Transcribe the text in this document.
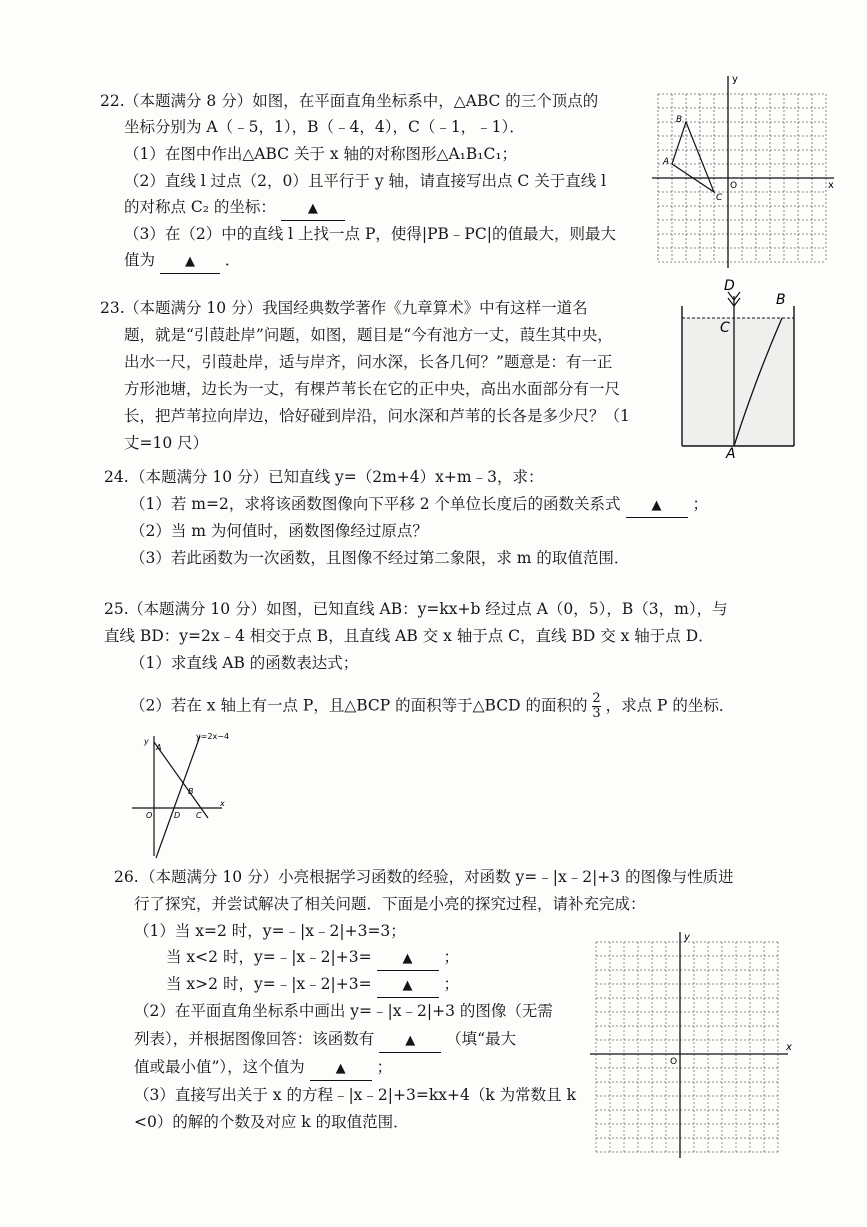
22. （本题满分 8 分）如图，在平面直角坐标系中，△ABC 的三个顶点的
坐标分别为 A（﹣5，1），B（﹣4，4），C（﹣1，﹣1）．
（1）在图中作出△ABC 关于 x 轴的对称图形△A₁B₁C₁；
（2）直线 l 过点（2，0）且平行于 y 轴，请直接写出点 C 关于直线 l
的对称点 C₂ 的坐标： ▲
（3）在（2）中的直线 l 上找一点 P，使得|PB﹣PC|的值最大，则最大
值为 ▲ ．
y
x
O
A
B
C
23. （本题满分 10 分）我国经典数学著作《九章算术》中有这样一道名
题，就是“引葭赴岸”问题，如图，题目是“今有池方一丈，葭生其中央，
出水一尺，引葭赴岸，适与岸齐，问水深，长各几何？”题意是：有一正
方形池塘，边长为一丈，有棵芦苇长在它的正中央，高出水面部分有一尺
长，把芦苇拉向岸边，恰好碰到岸沿，问水深和芦苇的长各是多少尺？（1
丈=10 尺）
D
B
C
A
24. （本题满分 10 分）已知直线 y=（2m+4）x+m﹣3，求：
（1）若 m=2，求将该函数图像向下平移 2 个单位长度后的函数关系式 ▲ ；
（2）当 m 为何值时，函数图像经过原点？
（3）若此函数为一次函数，且图像不经过第二象限，求 m 的取值范围．
25. （本题满分 10 分）如图，已知直线 AB：y=kx+b 经过点 A（0，5），B（3，m），与
直线 BD：y=2x﹣4 相交于点 B，且直线 AB 交 x 轴于点 C，直线 BD 交 x 轴于点 D．
（1）求直线 AB 的函数表达式；
（2）若在 x 轴上有一点 P，且△BCP 的面积等于△BCD 的面积的 $\frac{2}{3}$ ，求点 P 的坐标．
y
x
A
B
O	D C
y=2x−4
26. （本题满分 10 分）小亮根据学习函数的经验，对函数 y=﹣|x﹣2|+3 的图像与性质进
行了探究，并尝试解决了相关问题．下面是小亮的探究过程，请补充完成：
（1）当 x=2 时，y=﹣|x﹣2|+3=3；
当 x<2 时，y=﹣|x﹣2|+3= ▲ ；
当 x>2 时，y=﹣|x﹣2|+3= ▲ ；
（2）在平面直角坐标系中画出 y=﹣|x﹣2|+3 的图像（无需
列表），并根据图像回答：该函数有 ▲ （填“最大
值或最小值”），这个值为 ▲ ；
（3）直接写出关于 x 的方程﹣|x﹣2|+3=kx+4（k 为常数且 k
<0）的解的个数及对应 k 的取值范围．
y
x
O
